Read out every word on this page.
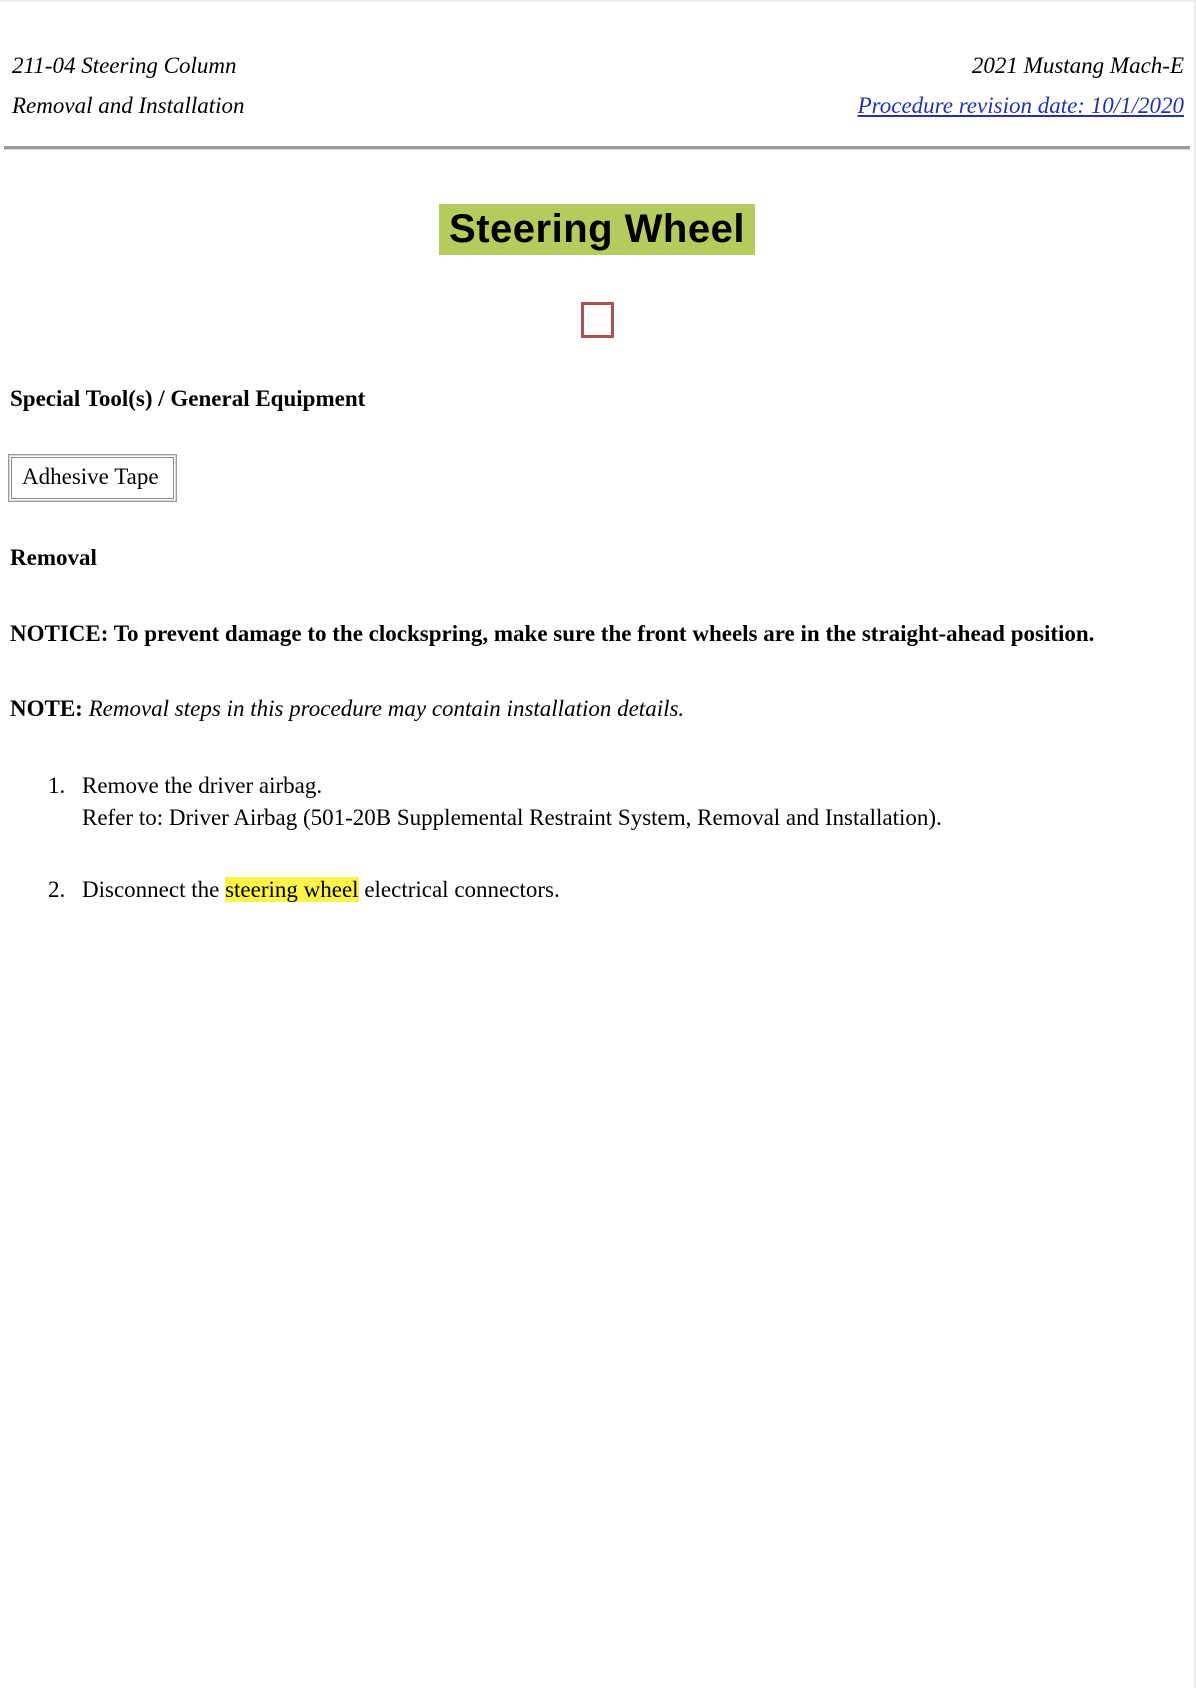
211-04 Steering Column
Removal and Installation
2021 Mustang Mach-E
Procedure revision date: 10/1/2020
Steering Wheel
Special Tool(s) / General Equipment
Adhesive Tape
Removal

NOTICE: To prevent damage to the clockspring, make sure the front wheels are in the straight-ahead position.

NOTE: Removal steps in this procedure may contain installation details.

1. Remove the driver airbag.
Refer to: Driver Airbag (501-20B Supplemental Restraint System, Removal and Installation).
2. Disconnect the steering wheel electrical connectors.
